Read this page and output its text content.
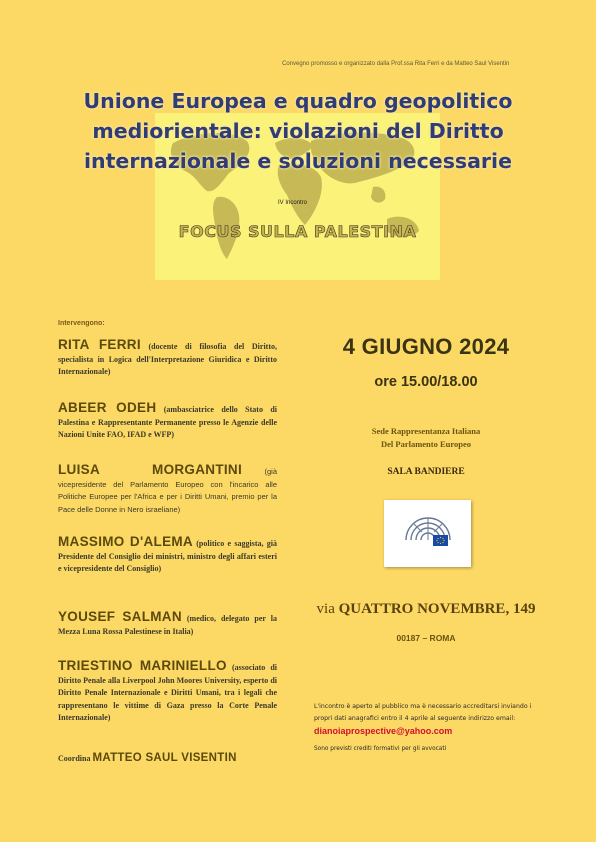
Convegno promosso e organizzato dalla Prof.ssa Rita Ferri e da Matteo Saul Visentin
Unione Europea e quadro geopolitico mediorientale: violazioni del Diritto internazionale e soluzioni necessarie
IV Incontro
FOCUS SULLA PALESTINA
Intervengono:
RITA FERRI (docente di filosofia del Diritto, specialista in Logica dell'Interpretazione Giuridica e Diritto Internazionale)
ABEER ODEH (ambasciatrice dello Stato di Palestina e Rappresentante Permanente presso le Agenzie delle Nazioni Unite FAO, IFAD e WFP)
LUISA MORGANTINI	(già vicepresidente del Parlamento Europeo con l'incarico alle Politiche Europee per l'Africa e per i Diritti Umani, premio per la Pace delle Donne in Nero israeliane)
MASSIMO D'ALEMA (politico e saggista, già Presidente del Consiglio dei ministri, ministro degli affari esteri e vicepresidente del Consiglio)
YOUSEF SALMAN (medico, delegato per la Mezza Luna Rossa Palestinese in Italia)
TRIESTINO MARINIELLO (associato di Diritto Penale alla Liverpool John Moores University, esperto di Diritto Penale Internazionale e Diritti Umani, tra i legali che rappresentano le vittime di Gaza presso la Corte Penale Internazionale)
Coordina MATTEO SAUL VISENTIN
4 GIUGNO 2024
ore 15.00/18.00
Sede Rappresentanza Italiana
Del Parlamento Europeo
SALA BANDIERE
via QUATTRO NOVEMBRE, 149
00187 – ROMA
L'incontro è aperto al pubblico ma è necessario accreditarsi inviando i propri dati anagrafici entro il 4 aprile al seguente indirizzo email: dianoiaprospective@yahoo.com
Sono previsti crediti formativi per gli avvocati
